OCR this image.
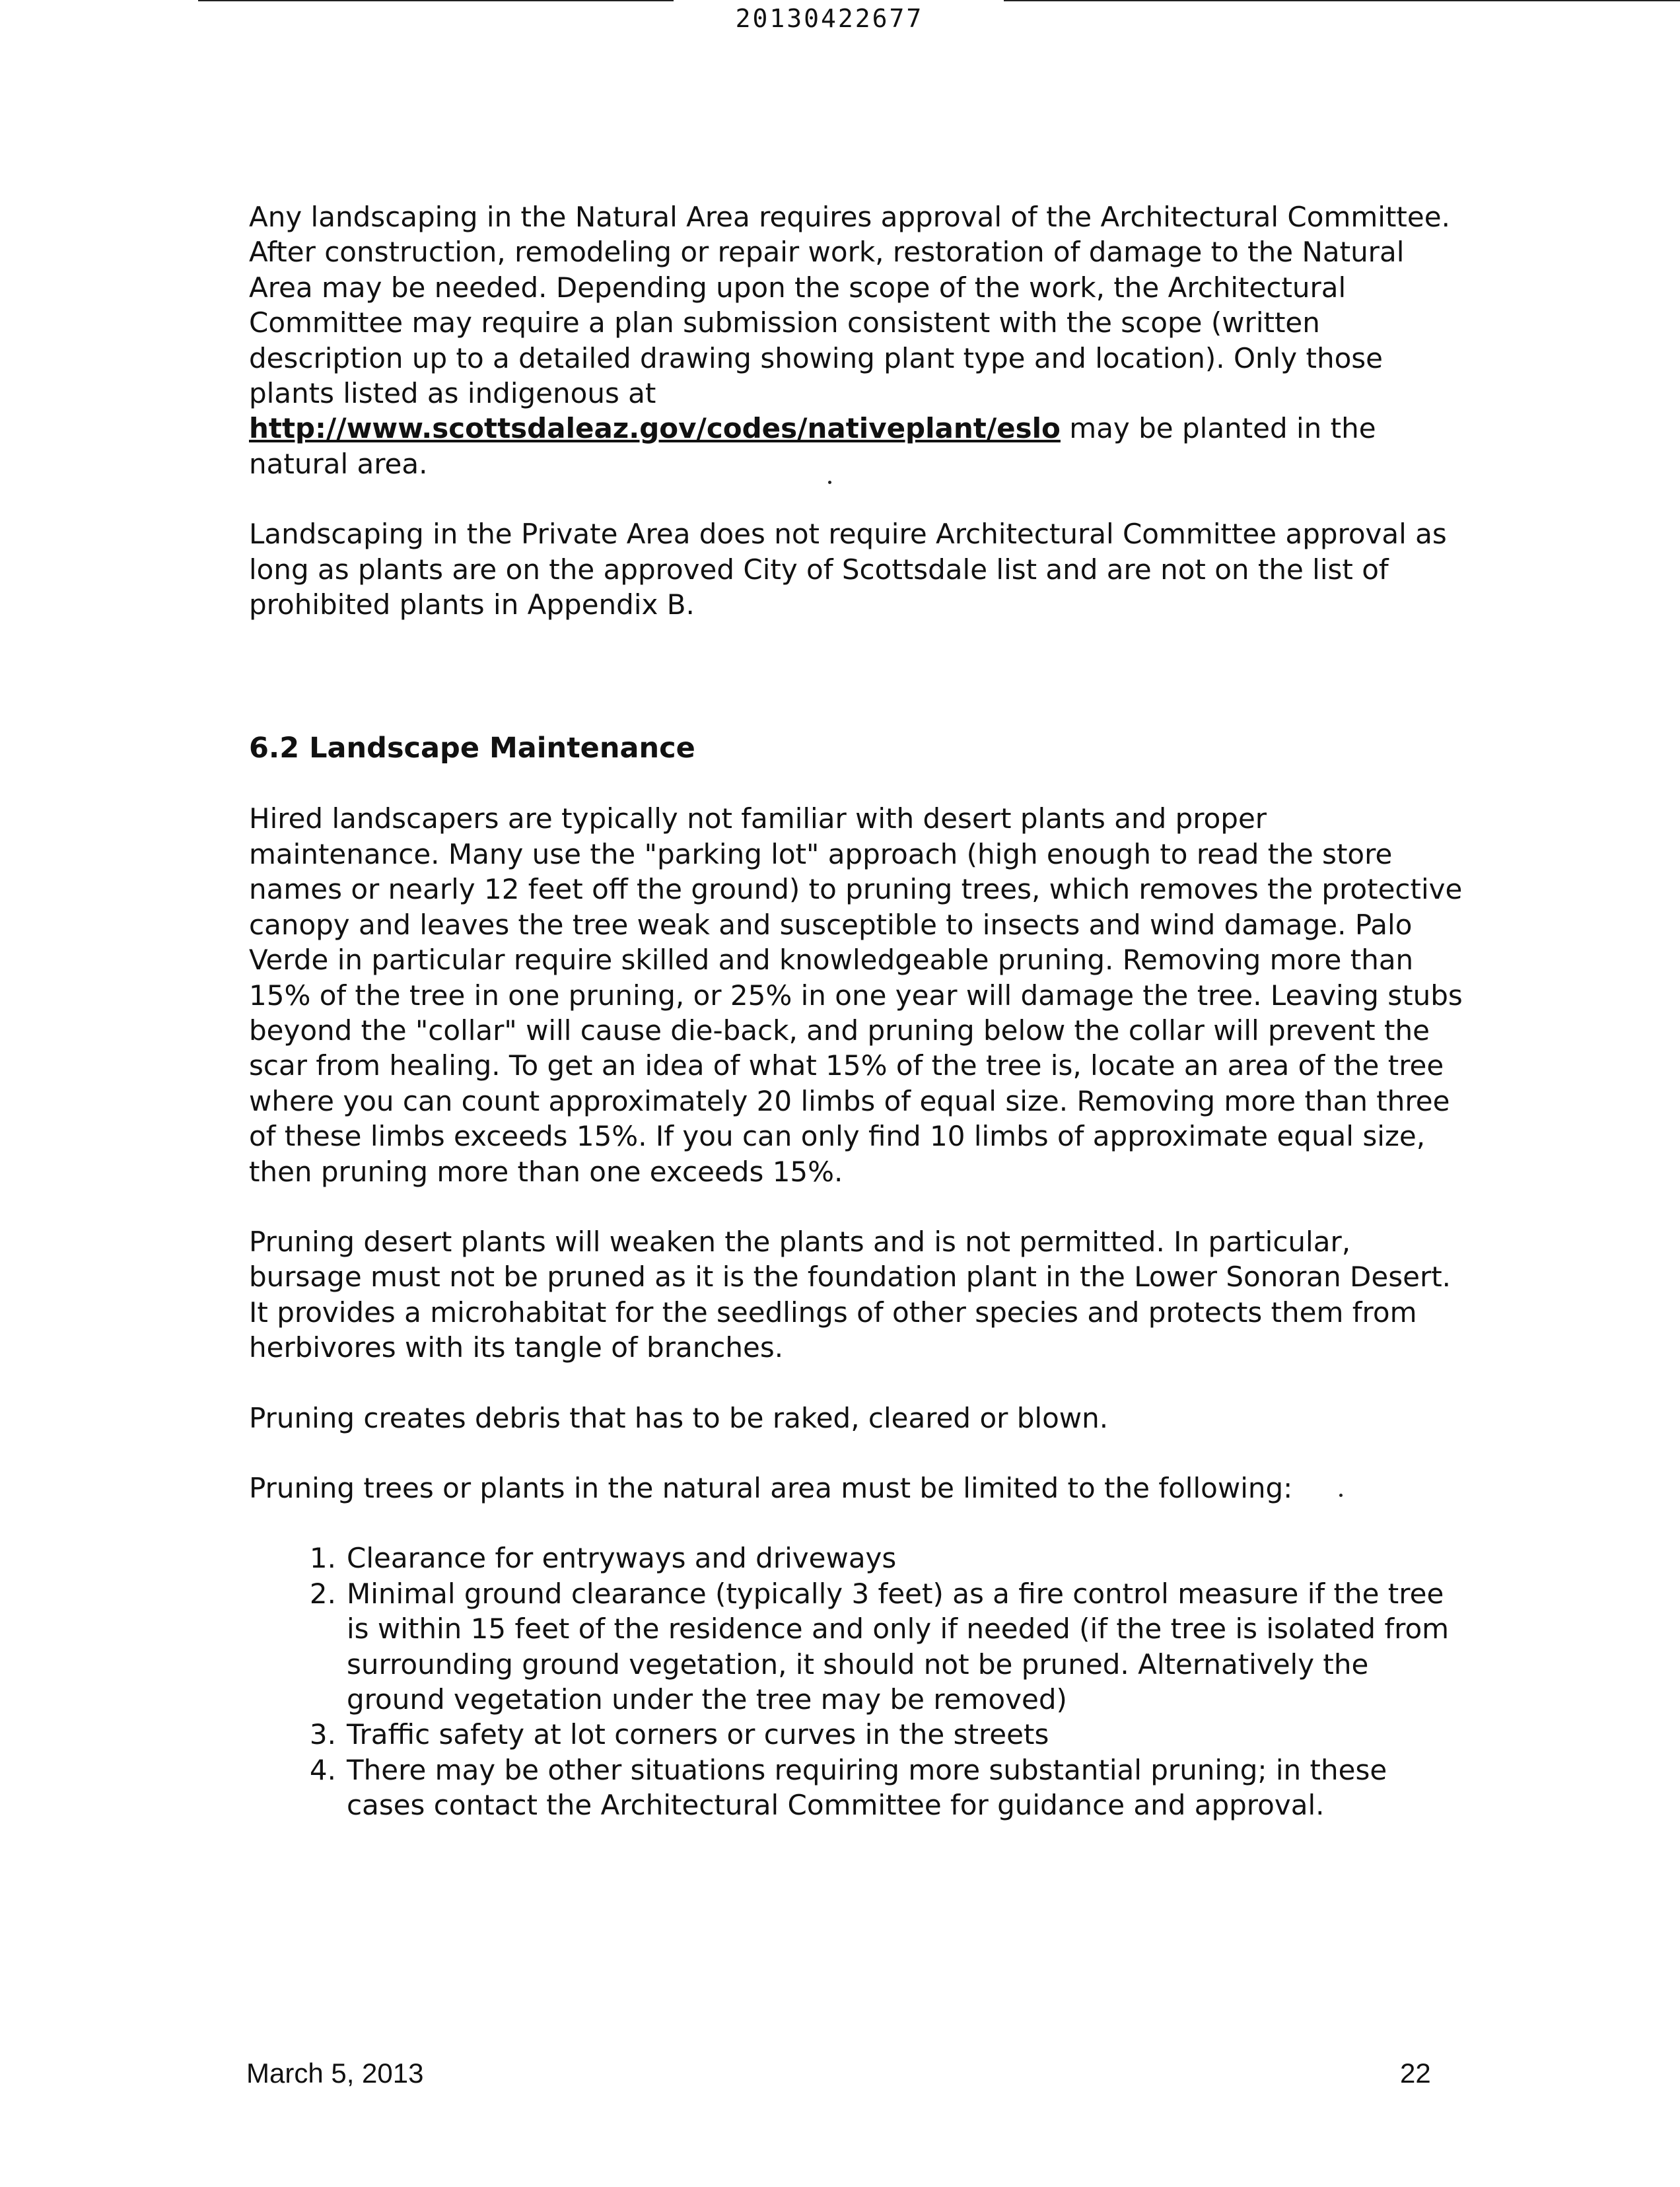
20130422677

Any landscaping in the Natural Area requires approval of the Architectural Committee. After construction, remodeling or repair work, restoration of damage to the Natural Area may be needed. Depending upon the scope of the work, the Architectural Committee may require a plan submission consistent with the scope (written description up to a detailed drawing showing plant type and location). Only those plants listed as indigenous at
http://www.scottsdaleaz.gov/codes/nativeplant/eslo may be planted in the natural area.

Landscaping in the Private Area does not require Architectural Committee approval as long as plants are on the approved City of Scottsdale list and are not on the list of prohibited plants in Appendix B.

6.2 Landscape Maintenance

Hired landscapers are typically not familiar with desert plants and proper maintenance. Many use the "parking lot" approach (high enough to read the store names or nearly 12 feet off the ground) to pruning trees, which removes the protective canopy and leaves the tree weak and susceptible to insects and wind damage. Palo Verde in particular require skilled and knowledgeable pruning. Removing more than 15% of the tree in one pruning, or 25% in one year will damage the tree. Leaving stubs beyond the "collar" will cause die-back, and pruning below the collar will prevent the scar from healing. To get an idea of what 15% of the tree is, locate an area of the tree where you can count approximately 20 limbs of equal size. Removing more than three of these limbs exceeds 15%. If you can only find 10 limbs of approximate equal size, then pruning more than one exceeds 15%.

Pruning desert plants will weaken the plants and is not permitted. In particular, bursage must not be pruned as it is the foundation plant in the Lower Sonoran Desert. It provides a microhabitat for the seedlings of other species and protects them from herbivores with its tangle of branches.

Pruning creates debris that has to be raked, cleared or blown.

Pruning trees or plants in the natural area must be limited to the following:

1. Clearance for entryways and driveways
2. Minimal ground clearance (typically 3 feet) as a fire control measure if the tree is within 15 feet of the residence and only if needed (if the tree is isolated from surrounding ground vegetation, it should not be pruned. Alternatively the ground vegetation under the tree may be removed)
3. Traffic safety at lot corners or curves in the streets
4. There may be other situations requiring more substantial pruning; in these cases contact the Architectural Committee for guidance and approval.
March 5, 2013	22
